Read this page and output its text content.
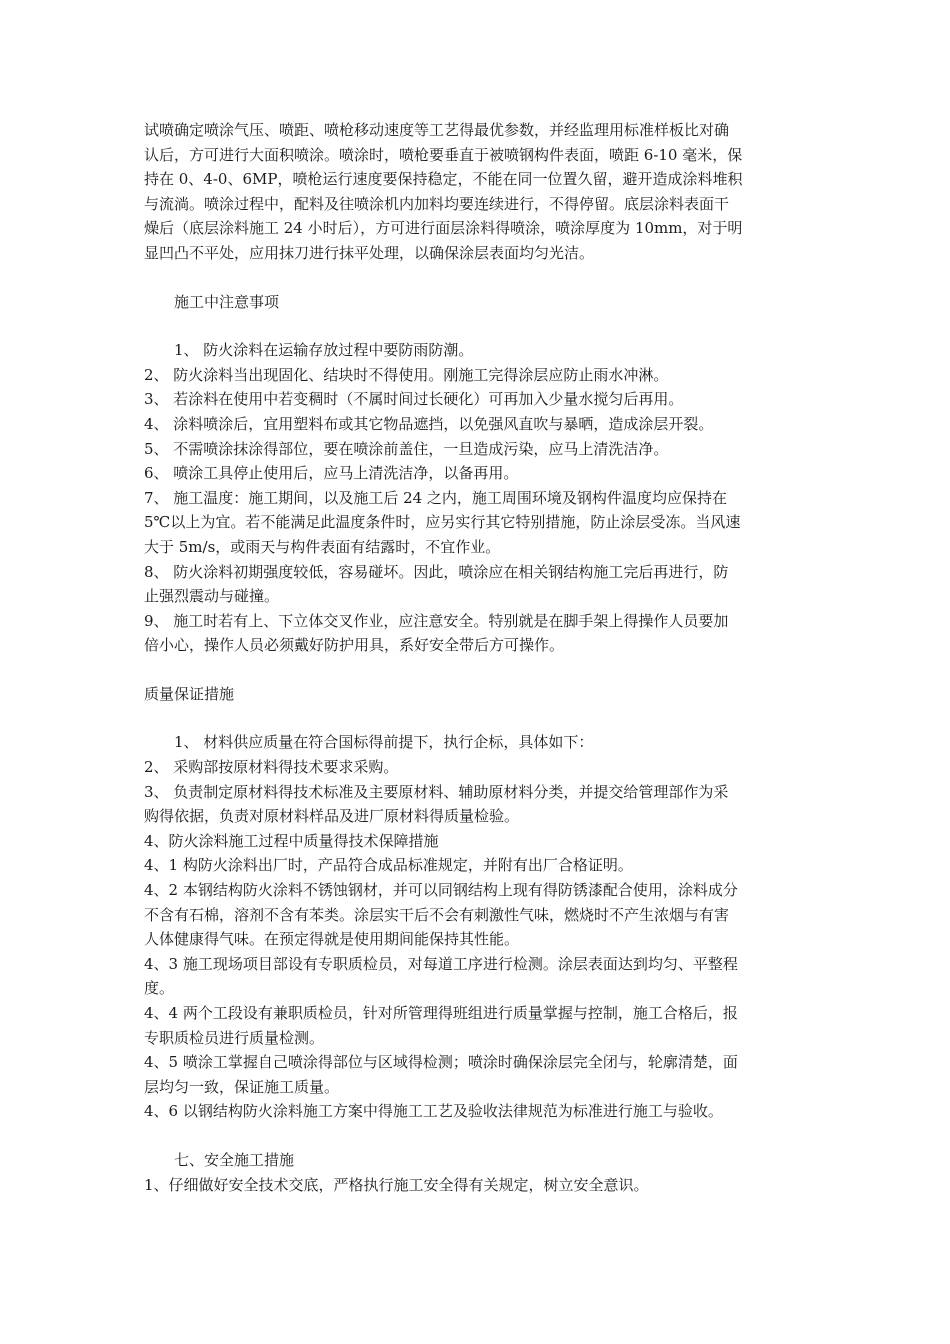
试喷确定喷涂气压、喷距、喷枪移动速度等工艺得最优参数，并经监理用标准样板比对确
认后，方可进行大面积喷涂。喷涂时，喷枪要垂直于被喷钢构件表面，喷距 6-10 毫米，保
持在 0、4-0、6MP，喷枪运行速度要保持稳定，不能在同一位置久留，避开造成涂料堆积
与流淌。喷涂过程中，配料及往喷涂机内加料均要连续进行，不得停留。底层涂料表面干
燥后（底层涂料施工 24 小时后），方可进行面层涂料得喷涂，喷涂厚度为 10mm，对于明
显凹凸不平处，应用抹刀进行抹平处理，以确保涂层表面均匀光洁。
施工中注意事项
1、 防火涂料在运输存放过程中要防雨防潮。
2、 防火涂料当出现固化、结块时不得使用。刚施工完得涂层应防止雨水冲淋。
3、 若涂料在使用中若变稠时（不属时间过长硬化）可再加入少量水搅匀后再用。
4、 涂料喷涂后，宜用塑料布或其它物品遮挡，以免强风直吹与暴晒，造成涂层开裂。
5、 不需喷涂抹涂得部位，要在喷涂前盖住，一旦造成污染，应马上清洗洁净。
6、 喷涂工具停止使用后，应马上清洗洁净，以备再用。
7、 施工温度：施工期间，以及施工后 24 之内，施工周围环境及钢构件温度均应保持在
5℃以上为宜。若不能满足此温度条件时，应另实行其它特别措施，防止涂层受冻。当风速
大于 5m/s，或雨天与构件表面有结露时，不宜作业。
8、 防火涂料初期强度较低，容易碰坏。因此，喷涂应在相关钢结构施工完后再进行，防
止强烈震动与碰撞。
9、 施工时若有上、下立体交叉作业，应注意安全。特别就是在脚手架上得操作人员要加
倍小心，操作人员必须戴好防护用具，系好安全带后方可操作。
质量保证措施
1、 材料供应质量在符合国标得前提下，执行企标，具体如下：
2、 采购部按原材料得技术要求采购。
3、 负责制定原材料得技术标准及主要原材料、辅助原材料分类，并提交给管理部作为采
购得依据，负责对原材料样品及进厂原材料得质量检验。
4、防火涂料施工过程中质量得技术保障措施
4、1 构防火涂料出厂时，产品符合成品标准规定，并附有出厂合格证明。
4、2 本钢结构防火涂料不锈蚀钢材，并可以同钢结构上现有得防锈漆配合使用，涂料成分
不含有石棉，溶剂不含有苯类。涂层实干后不会有刺激性气味，燃烧时不产生浓烟与有害
人体健康得气味。在预定得就是使用期间能保持其性能。
4、3 施工现场项目部设有专职质检员，对每道工序进行检测。涂层表面达到均匀、平整程
度。
4、4 两个工段设有兼职质检员，针对所管理得班组进行质量掌握与控制，施工合格后，报
专职质检员进行质量检测。
4、5 喷涂工掌握自己喷涂得部位与区域得检测；喷涂时确保涂层完全闭与，轮廓清楚，面
层均匀一致，保证施工质量。
4、6 以钢结构防火涂料施工方案中得施工工艺及验收法律规范为标准进行施工与验收。
七、安全施工措施
1、仔细做好安全技术交底，严格执行施工安全得有关规定，树立安全意识。
